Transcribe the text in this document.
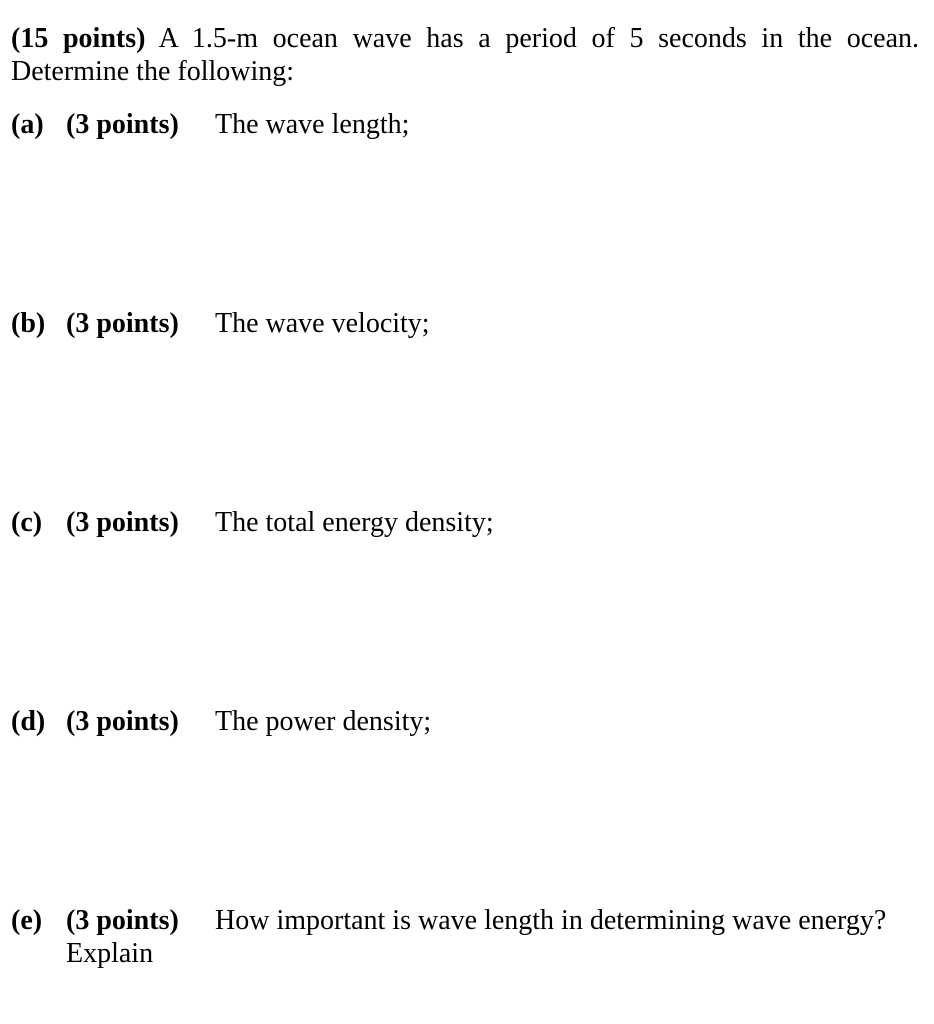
(15 points) A 1.5-m ocean wave has a period of 5 seconds in the ocean.
Determine the following:
(a) (3 points) The wave length;
(b) (3 points) The wave velocity;
(c) (3 points) The total energy density;
(d) (3 points) The power density;
(e) (3 points) How important is wave length in determining wave energy?
Explain
